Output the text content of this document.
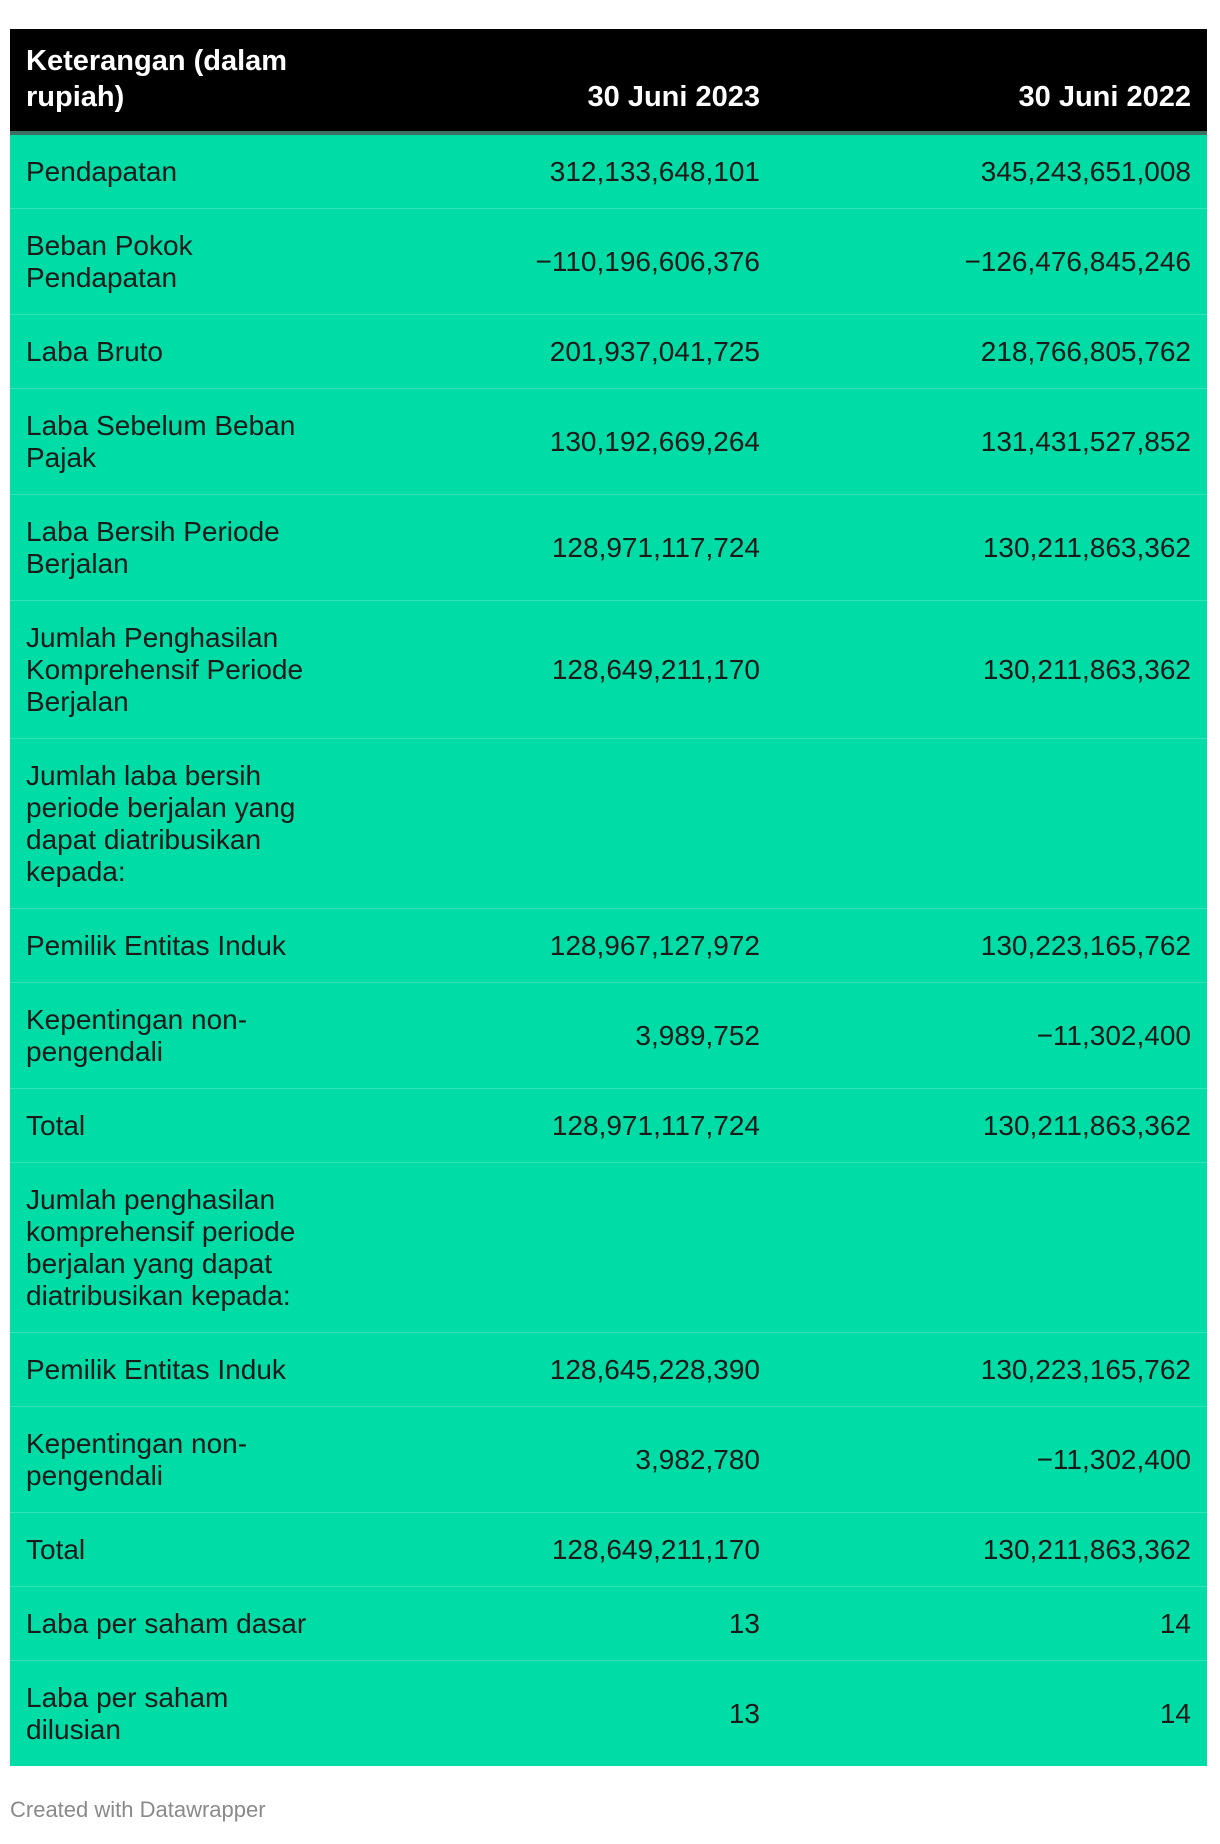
Keterangan (dalam rupiah)	30 Juni 2023	30 Juni 2022
Pendapatan	312,133,648,101	345,243,651,008
Beban Pokok Pendapatan	−110,196,606,376	−126,476,845,246
Laba Bruto	201,937,041,725	218,766,805,762
Laba Sebelum Beban Pajak	130,192,669,264	131,431,527,852
Laba Bersih Periode Berjalan	128,971,117,724	130,211,863,362
Jumlah Penghasilan Komprehensif Periode Berjalan	128,649,211,170	130,211,863,362
Jumlah laba bersih periode berjalan yang dapat diatribusikan kepada:		
Pemilik Entitas Induk	128,967,127,972	130,223,165,762
Kepentingan non-pengendali	3,989,752	−11,302,400
Total	128,971,117,724	130,211,863,362
Jumlah penghasilan komprehensif periode berjalan yang dapat diatribusikan kepada:		
Pemilik Entitas Induk	128,645,228,390	130,223,165,762
Kepentingan non-pengendali	3,982,780	−11,302,400
Total	128,649,211,170	130,211,863,362
Laba per saham dasar	13	14
Laba per saham dilusian	13	14
Created with Datawrapper
